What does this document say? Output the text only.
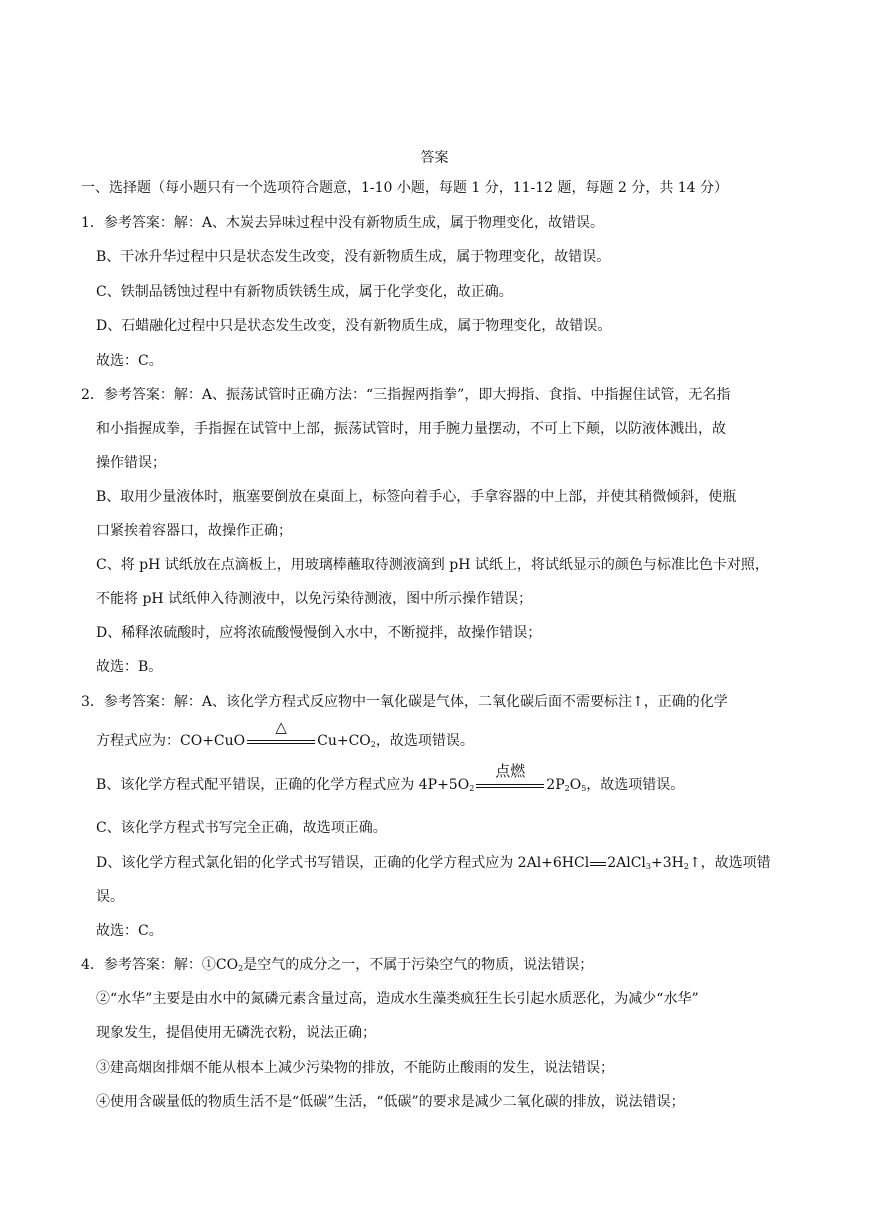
答案
一、选择题（每小题只有一个选项符合题意，1-10 小题，每题 1 分，11-12 题，每题 2 分，共 14 分）
1．参考答案：解：A、木炭去异味过程中没有新物质生成，属于物理变化，故错误。
B、干冰升华过程中只是状态发生改变，没有新物质生成，属于物理变化，故错误。
C、铁制品锈蚀过程中有新物质铁锈生成，属于化学变化，故正确。
D、石蜡融化过程中只是状态发生改变，没有新物质生成，属于物理变化，故错误。
故选：C。
2．参考答案：解：A、振荡试管时正确方法：“三指握两指拳”，即大拇指、食指、中指握住试管，无名指
和小指握成拳，手指握在试管中上部，振荡试管时，用手腕力量摆动，不可上下颠，以防液体溅出，故
操作错误；
B、取用少量液体时，瓶塞要倒放在桌面上，标签向着手心，手拿容器的中上部，并使其稍微倾斜，使瓶
口紧挨着容器口，故操作正确；
C、将 pH 试纸放在点滴板上，用玻璃棒蘸取待测液滴到 pH 试纸上，将试纸显示的颜色与标准比色卡对照，
不能将 pH 试纸伸入待测液中，以免污染待测液，图中所示操作错误；
D、稀释浓硫酸时，应将浓硫酸慢慢倒入水中，不断搅拌，故操作错误；
故选：B。
3．参考答案：解：A、该化学方程式反应物中一氧化碳是气体，二氧化碳后面不需要标注↑，正确的化学
方程式应为：CO+CuO
△
$Cu+CO_2$，故选项错误。
B、该化学方程式配平错误，正确的化学方程式应为 $4P+5O_2$
点燃
$2P_2O_5$，故选项错误。
C、该化学方程式书写完全正确，故选项正确。
D、该化学方程式氯化铝的化学式书写错误，正确的化学方程式应为 2Al+6HCl $2AlCl_3+3H_2↑$，故选项错
误。
故选：C。
4．参考答案：解：$①CO_2$是空气的成分之一，不属于污染空气的物质，说法错误；
②“水华”主要是由水中的氮磷元素含量过高，造成水生藻类疯狂生长引起水质恶化，为减少“水华”
现象发生，提倡使用无磷洗衣粉，说法正确；
③建高烟囱排烟不能从根本上减少污染物的排放，不能防止酸雨的发生，说法错误；
④使用含碳量低的物质生活不是“低碳”生活，“低碳”的要求是减少二氧化碳的排放，说法错误；
